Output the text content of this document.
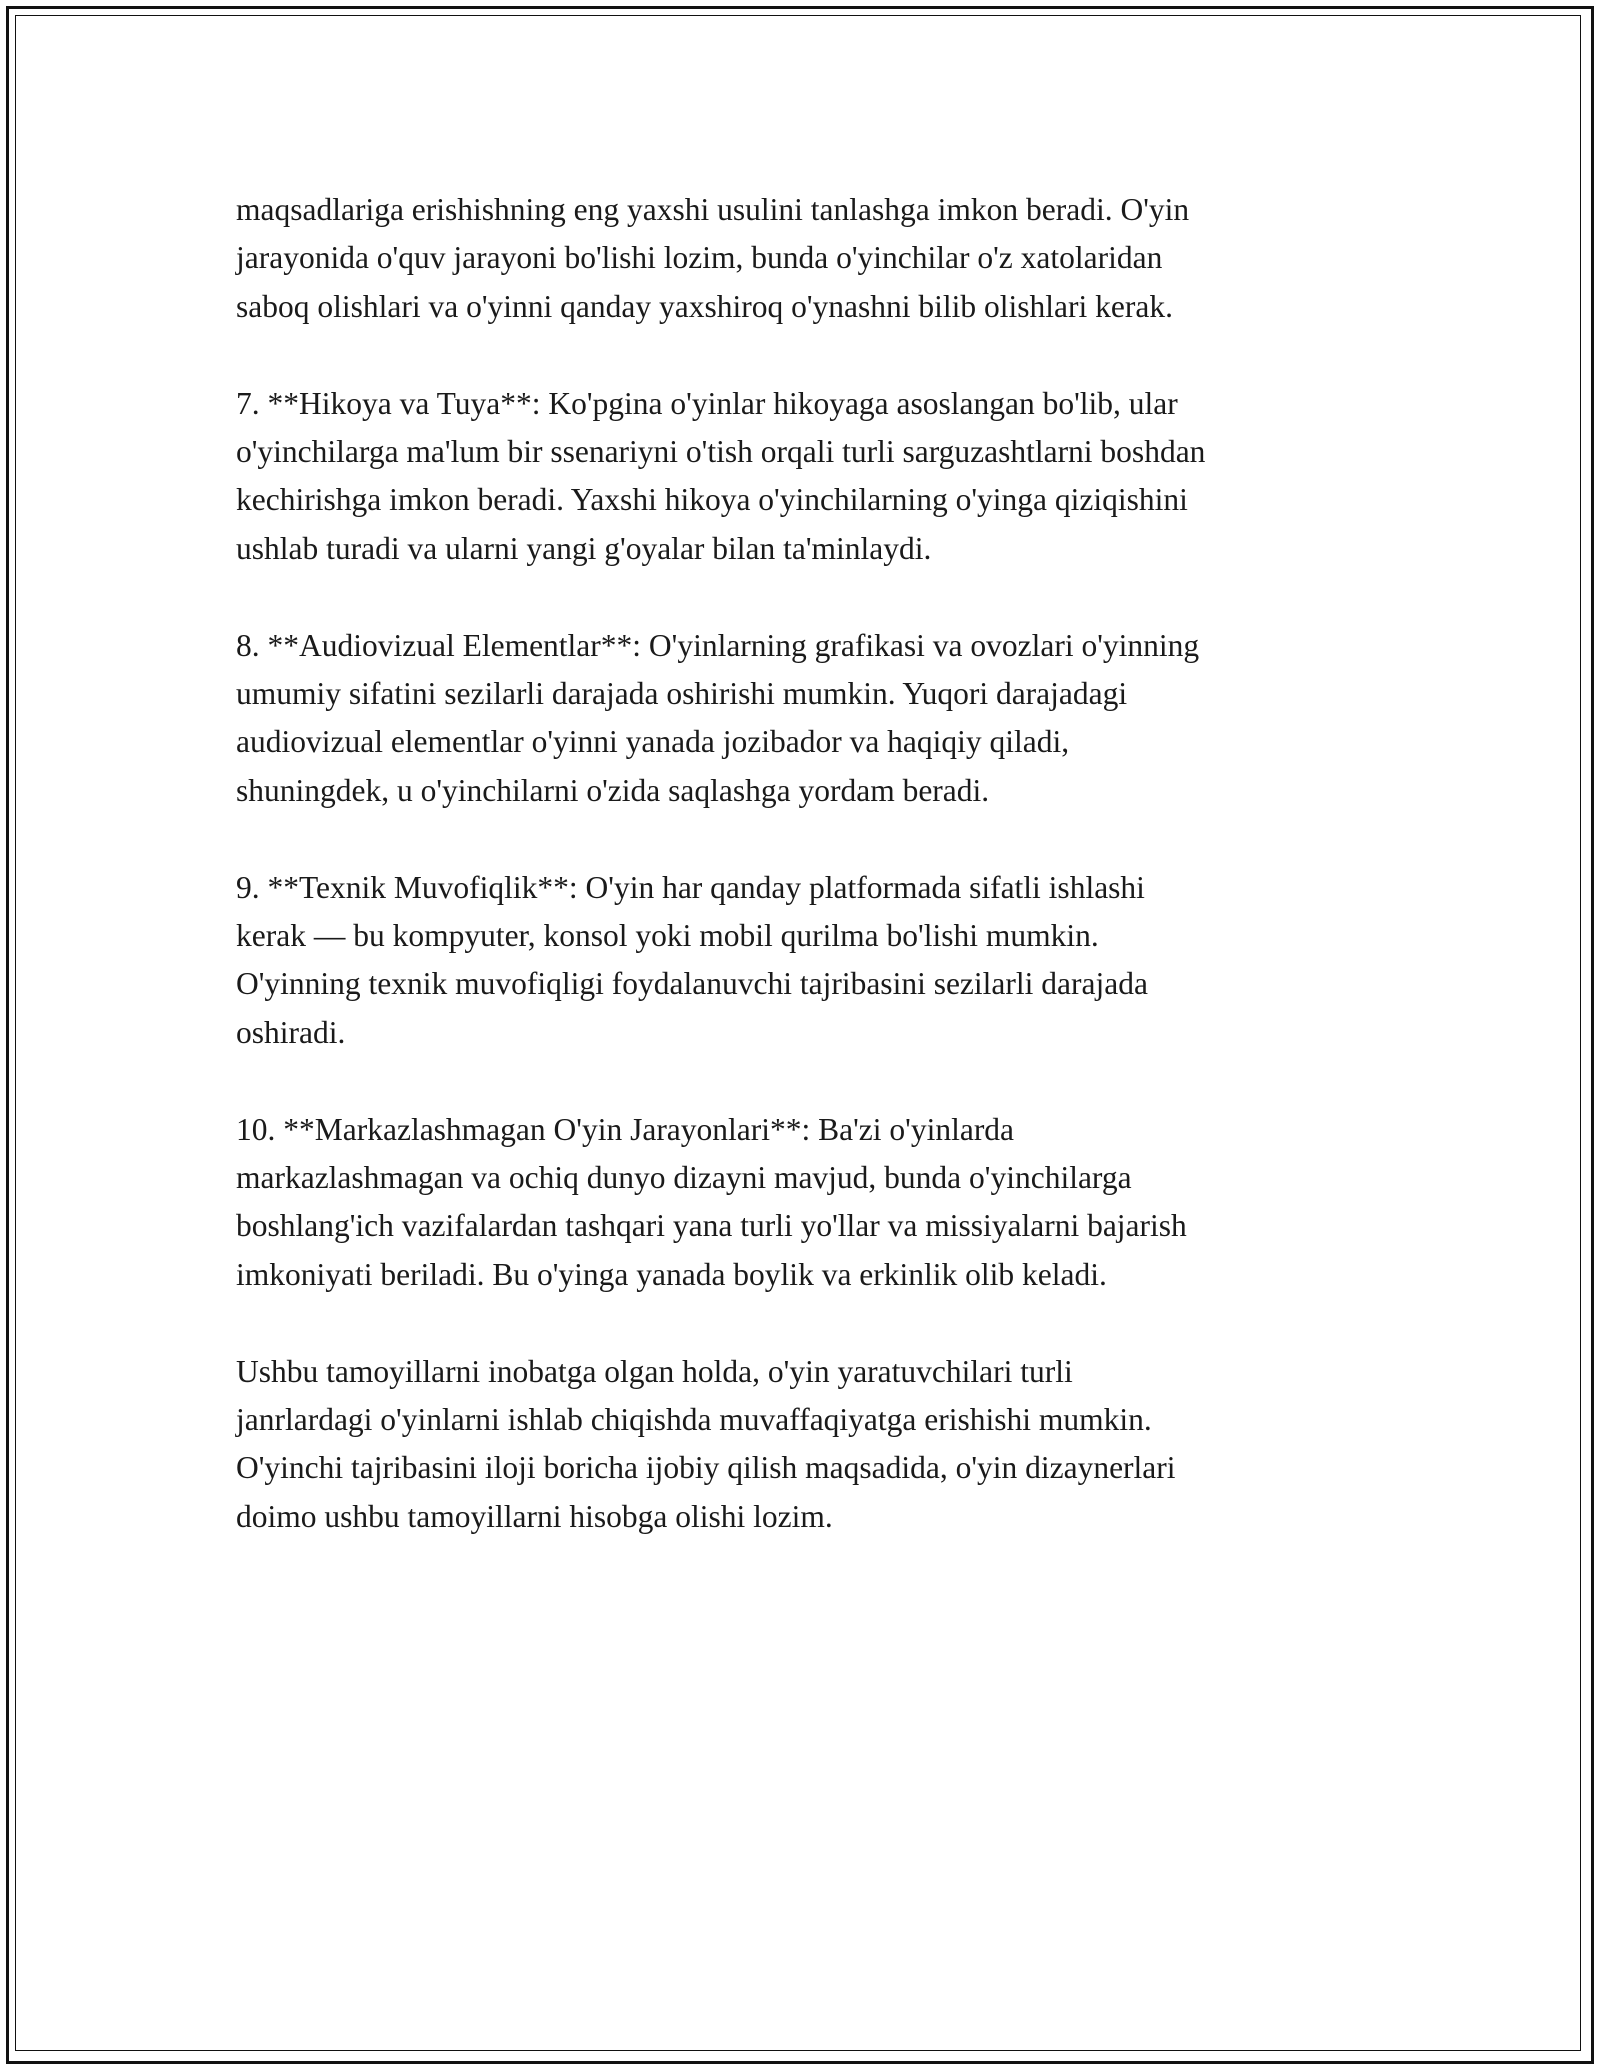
maqsadlariga erishishning eng yaxshi usulini tanlashga imkon beradi. O'yin
jarayonida o'quv jarayoni bo'lishi lozim, bunda o'yinchilar o'z xatolaridan
saboq olishlari va o'yinni qanday yaxshiroq o'ynashni bilib olishlari kerak.

7. **Hikoya va Tuya**: Ko'pgina o'yinlar hikoyaga asoslangan bo'lib, ular
o'yinchilarga ma'lum bir ssenariyni o'tish orqali turli sarguzashtlarni boshdan
kechirishga imkon beradi. Yaxshi hikoya o'yinchilarning o'yinga qiziqishini
ushlab turadi va ularni yangi g'oyalar bilan ta'minlaydi.

8. **Audiovizual Elementlar**: O'yinlarning grafikasi va ovozlari o'yinning
umumiy sifatini sezilarli darajada oshirishi mumkin. Yuqori darajadagi
audiovizual elementlar o'yinni yanada jozibador va haqiqiy qiladi,
shuningdek, u o'yinchilarni o'zida saqlashga yordam beradi.

9. **Texnik Muvofiqlik**: O'yin har qanday platformada sifatli ishlashi
kerak — bu kompyuter, konsol yoki mobil qurilma bo'lishi mumkin.
O'yinning texnik muvofiqligi foydalanuvchi tajribasini sezilarli darajada
oshiradi.

10. **Markazlashmagan O'yin Jarayonlari**: Ba'zi o'yinlarda
markazlashmagan va ochiq dunyo dizayni mavjud, bunda o'yinchilarga
boshlang'ich vazifalardan tashqari yana turli yo'llar va missiyalarni bajarish
imkoniyati beriladi. Bu o'yinga yanada boylik va erkinlik olib keladi.

Ushbu tamoyillarni inobatga olgan holda, o'yin yaratuvchilari turli
janrlardagi o'yinlarni ishlab chiqishda muvaffaqiyatga erishishi mumkin.
O'yinchi tajribasini iloji boricha ijobiy qilish maqsadida, o'yin dizaynerlari
doimo ushbu tamoyillarni hisobga olishi lozim.
